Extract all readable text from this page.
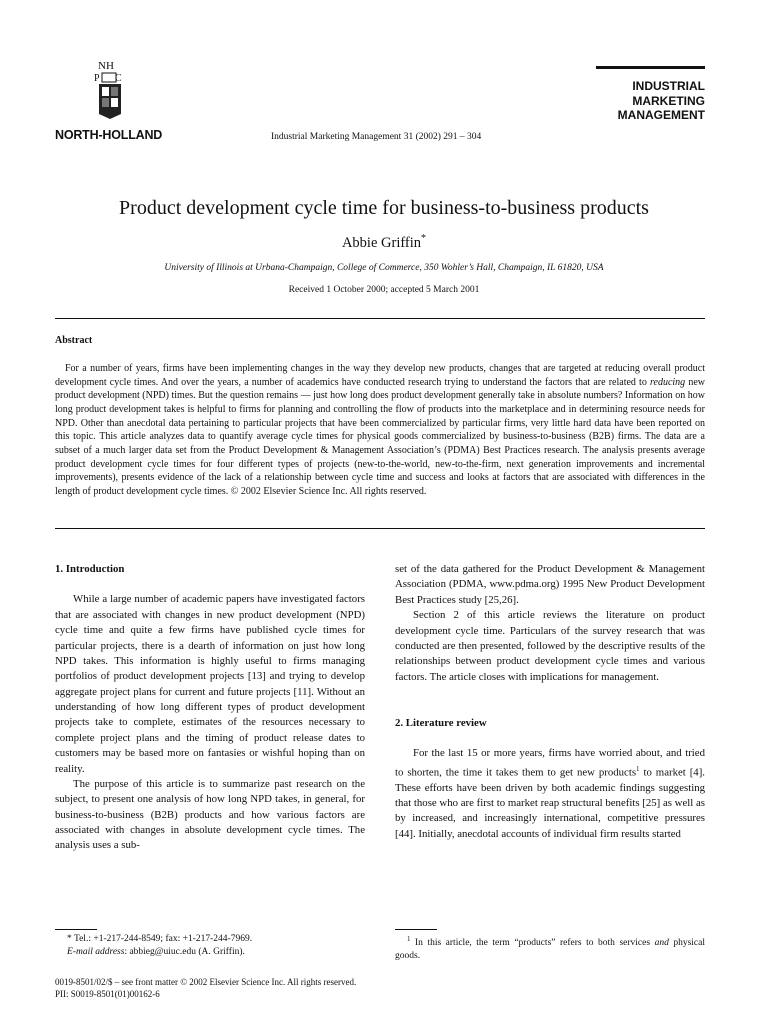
NH
P C
NORTH-HOLLAND	Industrial Marketing Management 31 (2002) 291 – 304
INDUSTRIAL
MARKETING
MANAGEMENT
Product development cycle time for business-to-business products
Abbie Griffin*
University of Illinois at Urbana-Champaign, College of Commerce, 350 Wohler’s Hall, Champaign, IL 61820, USA
Received 1 October 2000; accepted 5 March 2001
Abstract
For a number of years, firms have been implementing changes in the way they develop new products, changes that are targeted at reducing overall product development cycle times. And over the years, a number of academics have conducted research trying to understand the factors that are related to reducing new product development (NPD) times. But the question remains — just how long does product development generally take in absolute numbers? Information on how long product development takes is helpful to firms for planning and controlling the flow of products into the marketplace and in determining resource needs for NPD. Other than anecdotal data pertaining to particular projects that have been commercialized by particular firms, very little hard data have been reported on this topic. This article analyzes data to quantify average cycle times for physical goods commercialized by business-to-business (B2B) firms. The data are a subset of a much larger data set from the Product Development & Management Association’s (PDMA) Best Practices research. The analysis presents average product development cycle times for four different types of projects (new-to-the-world, new-to-the-firm, next generation improvements and incremental improvements), presents evidence of the lack of a relationship between cycle time and success and looks at factors that are associated with differences in the length of product development cycle times. © 2002 Elsevier Science Inc. All rights reserved.
1. Introduction

While a large number of academic papers have investigated factors that are associated with changes in new product development (NPD) cycle time and quite a few firms have published cycle times for particular projects, there is a dearth of information on just how long NPD takes. This information is highly useful to firms managing portfolios of product development projects [13] and trying to develop aggregate project plans for current and future projects [11]. Without an understanding of how long different types of product development projects take to complete, estimates of the resources necessary to complete project plans and the timing of product release dates to customers may be based more on fantasies or wishful hoping than on reality.

The purpose of this article is to summarize past research on the subject, to present one analysis of how long NPD takes, in general, for business-to-business (B2B) products and how various factors are associated with changes in absolute development cycle times. The analysis uses a sub-

set of the data gathered for the Product Development & Management Association (PDMA, www.pdma.org) 1995 New Product Development Best Practices study [25,26].

Section 2 of this article reviews the literature on product development cycle time. Particulars of the survey research that was conducted are then presented, followed by the descriptive results of the relationships between product development cycle times and various factors. The article closes with implications for management.

2. Literature review

For the last 15 or more years, firms have worried about, and tried to shorten, the time it takes them to get new products$^1$ to market [4]. These efforts have been driven by both academic findings suggesting that those who are first to market reap structural benefits [25] as well as by increased, and increasingly international, competitive pressures [44]. Initially, anecdotal accounts of individual firm results started

* Tel.: +1-217-244-8549; fax: +1-217-244-7969.
E-mail address: abbieg@uiuc.edu (A. Griffin).
$^1$ In this article, the term “products” refers to both services and physical goods.
0019-8501/02/$ – see front matter © 2002 Elsevier Science Inc. All rights reserved.
PII: S0019-8501(01)00162-6
